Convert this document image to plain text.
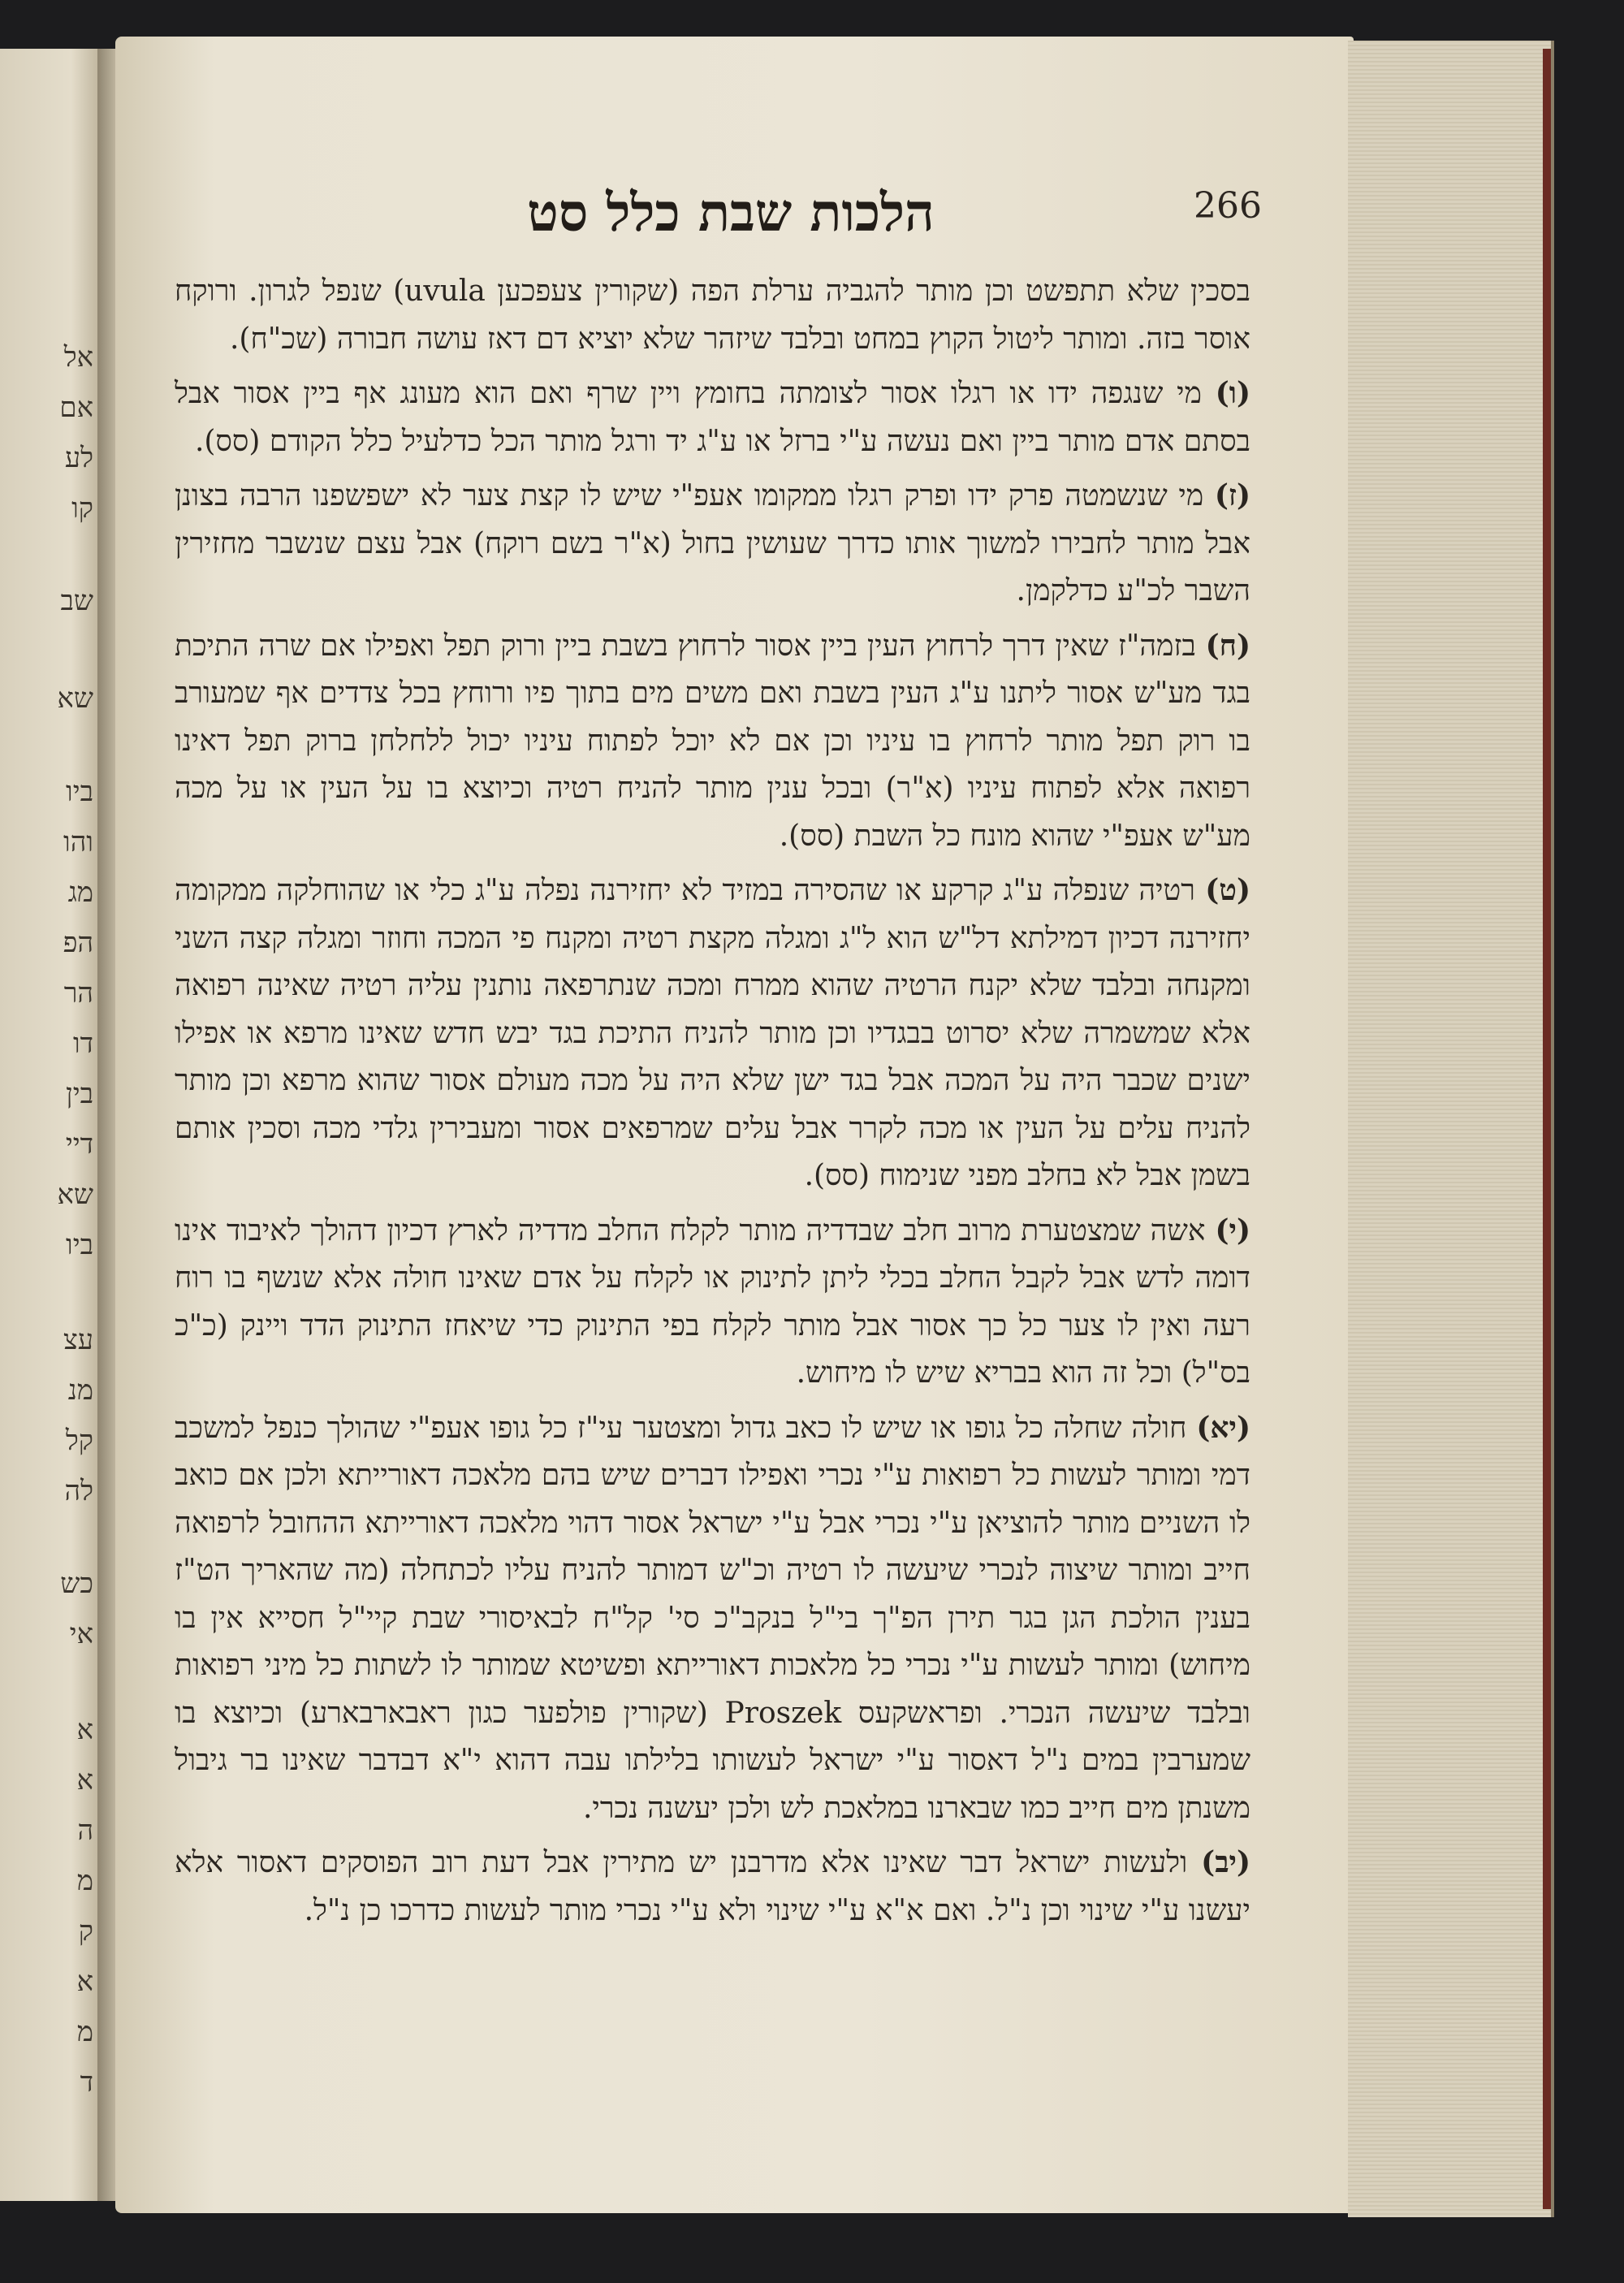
אל
אם
לע
קו
שב
שא
ביו
והו
מג
הפ
הר
דו
בין
דיי
שא
ביו
עצ
מנ
קל
לה
כש
אי
א
א
ה
מ
ק
א
מ
ד
266
הלכות שבת כלל סט

בסכין שלא תתפשט וכן מותר להגביה ערלת הפה (שקורין צעפכען uvula) שנפל לגרון. ורוקח אוסר בזה. ומותר ליטול הקוץ במחט ובלבד שיזהר שלא יוציא דם דאז עושה חבורה (שכ"ח).

(ו) מי שנגפה ידו או רגלו אסור לצומתה בחומץ ויין שרף ואם הוא מעונג אף ביין אסור אבל בסתם אדם מותר ביין ואם נעשה ע"י ברזל או ע"ג יד ורגל מותר הכל כדלעיל כלל הקודם (סס).

(ז) מי שנשמטה פרק ידו ופרק רגלו ממקומו אעפ"י שיש לו קצת צער לא ישפשפנו הרבה בצונן אבל מותר לחבירו למשוך אותו כדרך שעושין בחול (א"ר בשם רוקח) אבל עצם שנשבר מחזירין השבר לכ"ע כדלקמן.

(ח) בזמה"ז שאין דרך לרחוץ העין ביין אסור לרחוץ בשבת ביין ורוק תפל ואפילו אם שרה התיכת בגד מע"ש אסור ליתנו ע"ג העין בשבת ואם משים מים בתוך פיו ורוחץ בכל צדדים אף שמעורב בו רוק תפל מותר לרחוץ בו עיניו וכן אם לא יוכל לפתוח עיניו יכול ללחלחן ברוק תפל דאינו רפואה אלא לפתוח עיניו (א"ר) ובכל ענין מותר להניח רטיה וכיוצא בו על העין או על מכה מע"ש אעפ"י שהוא מונח כל השבת (סס).

(ט) רטיה שנפלה ע"ג קרקע או שהסירה במזיד לא יחזירנה נפלה ע"ג כלי או שהוחלקה ממקומה יחזירנה דכיון דמילתא דל"ש הוא ל"ג ומגלה מקצת רטיה ומקנח פי המכה וחוזר ומגלה קצה השני ומקנחה ובלבד שלא יקנח הרטיה שהוא ממרח ומכה שנתרפאה נותנין עליה רטיה שאינה רפואה אלא שמשמרה שלא יסרוט בבגדיו וכן מותר להניח התיכת בגד יבש חדש שאינו מרפא או אפילו ישנים שכבר היה על המכה אבל בגד ישן שלא היה על מכה מעולם אסור שהוא מרפא וכן מותר להניח עלים על העין או מכה לקרר אבל עלים שמרפאים אסור ומעבירין גלדי מכה וסכין אותם בשמן אבל לא בחלב מפני שנימוח (סס).

(י) אשה שמצטערת מרוב חלב שבדדיה מותר לקלח החלב מדדיה לארץ דכיון דהולך לאיבוד אינו דומה לדש אבל לקבל החלב בכלי ליתן לתינוק או לקלח על אדם שאינו חולה אלא שנשף בו רוח רעה ואין לו צער כל כך אסור אבל מותר לקלח בפי התינוק כדי שיאחז התינוק הדד ויינק (כ"כ בס"ל) וכל זה הוא בבריא שיש לו מיחוש.

(יא) חולה שחלה כל גופו או שיש לו כאב גדול ומצטער עי"ז כל גופו אעפ"י שהולך כנפל למשכב דמי ומותר לעשות כל רפואות ע"י נכרי ואפילו דברים שיש בהם מלאכה דאורייתא ולכן אם כואב לו השניים מותר להוציאן ע"י נכרי אבל ע"י ישראל אסור דהוי מלאכה דאורייתא ההחובל לרפואה חייב ומותר שיצוה לנכרי שיעשה לו רטיה וכ"ש דמותר להניח עליו לכתחלה (מה שהאריך הט"ז בענין הולכת הגן בגר תירן הפ"ך בי"ל בנקב"כ סי' קל"ח לבאיסורי שבת קיי"ל חסייא אין בו מיחוש) ומותר לעשות ע"י נכרי כל מלאכות דאורייתא ופשיטא שמותר לו לשתות כל מיני רפואות ובלבד שיעשה הנכרי. ופראשקעס Proszek (שקורין פולפער כגון ראבארבארע) וכיוצא בו שמערבין במים נ"ל דאסור ע"י ישראל לעשותו בלילתו עבה דהוא י"א דבדבר שאינו בר גיבול משנתן מים חייב כמו שבארנו במלאכת לש ולכן יעשנה נכרי.

(יב) ולעשות ישראל דבר שאינו אלא מדרבנן יש מתירין אבל דעת רוב הפוסקים דאסור אלא יעשנו ע"י שינוי וכן נ"ל. ואם א"א ע"י שינוי ולא ע"י נכרי מותר לעשות כדרכו כן נ"ל.
